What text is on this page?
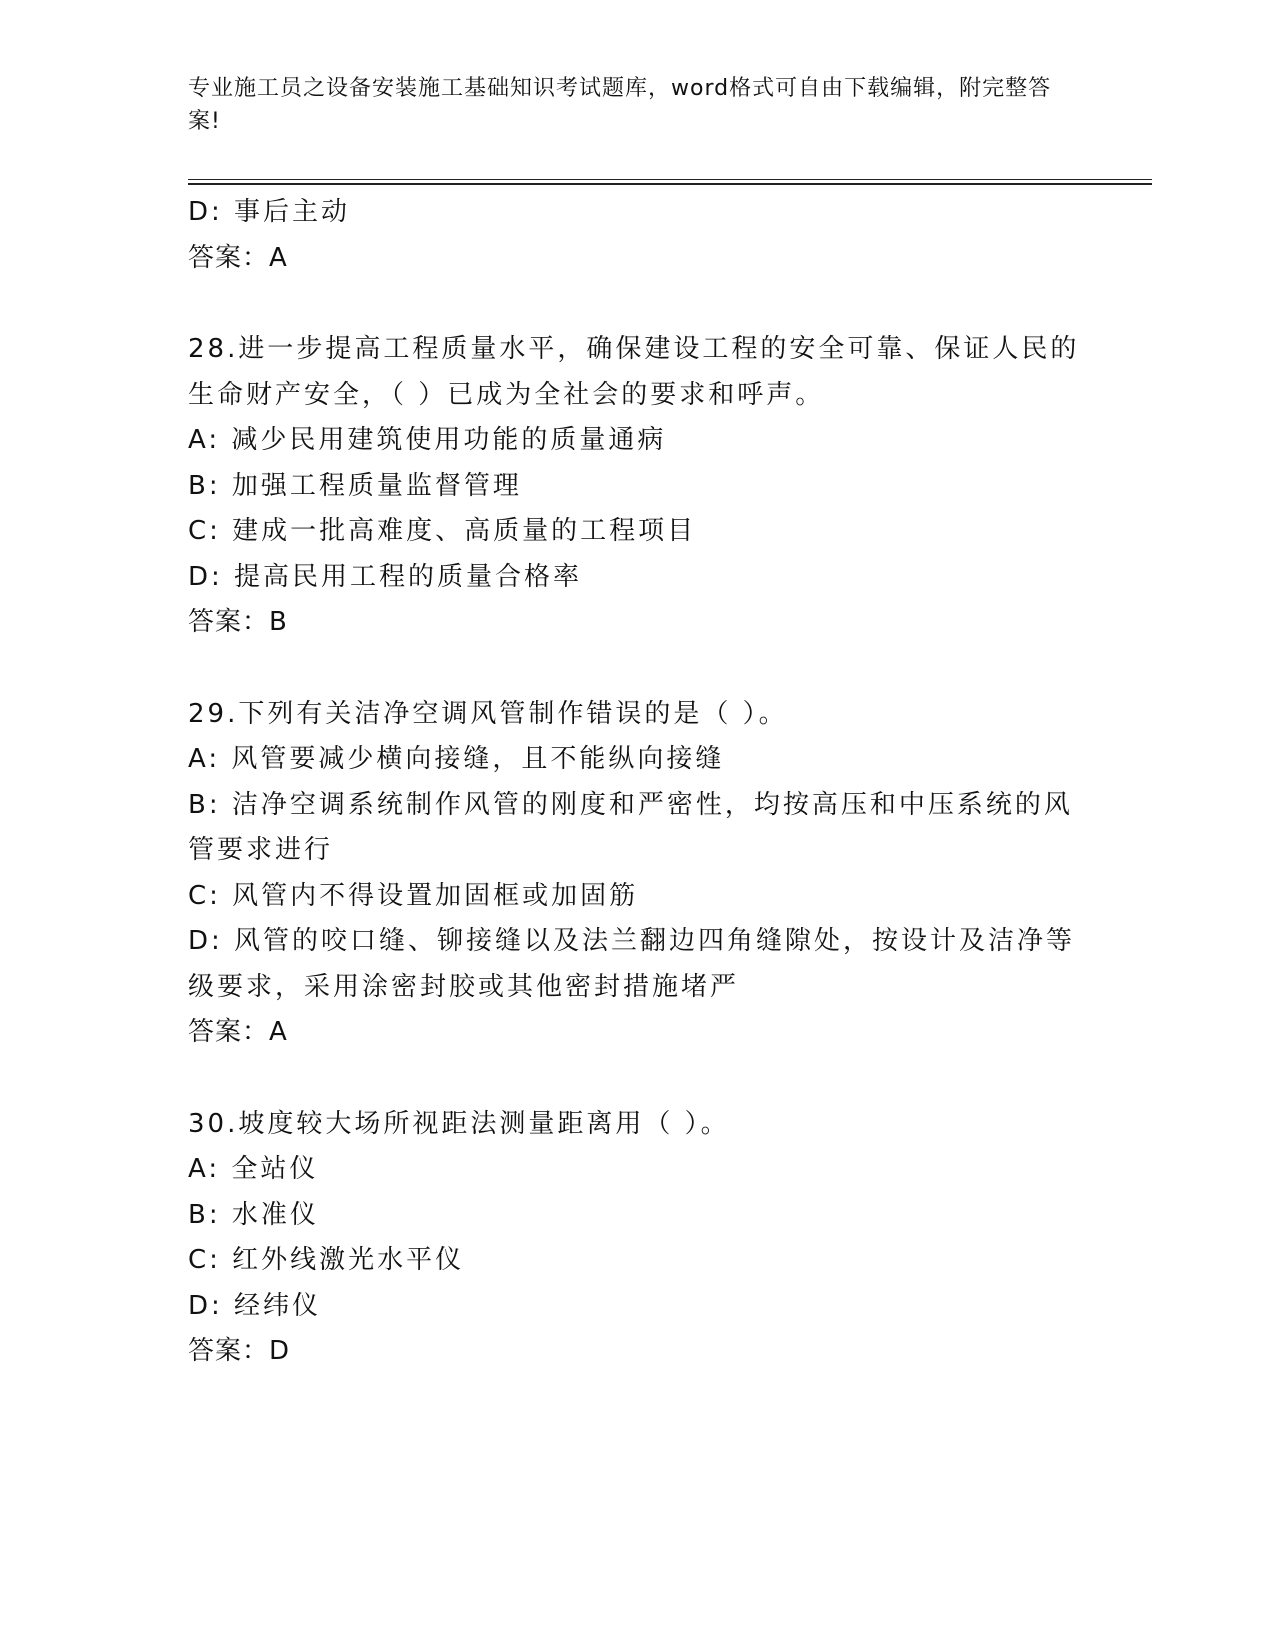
专业施工员之设备安装施工基础知识考试题库，word格式可自由下载编辑，附完整答案!
D: 事后主动
答案：A
28.进一步提高工程质量水平，确保建设工程的安全可靠、保证人民的生命财产安全，（ ）已成为全社会的要求和呼声。
A: 减少民用建筑使用功能的质量通病
B: 加强工程质量监督管理
C: 建成一批高难度、高质量的工程项目
D: 提高民用工程的质量合格率
答案：B
29.下列有关洁净空调风管制作错误的是（ ）。
A: 风管要减少横向接缝，且不能纵向接缝
B: 洁净空调系统制作风管的刚度和严密性，均按高压和中压系统的风管要求进行
C: 风管内不得设置加固框或加固筋
D: 风管的咬口缝、铆接缝以及法兰翻边四角缝隙处，按设计及洁净等级要求，采用涂密封胶或其他密封措施堵严
答案：A
30.坡度较大场所视距法测量距离用（ ）。
A: 全站仪
B: 水准仪
C: 红外线激光水平仪
D: 经纬仪
答案：D
